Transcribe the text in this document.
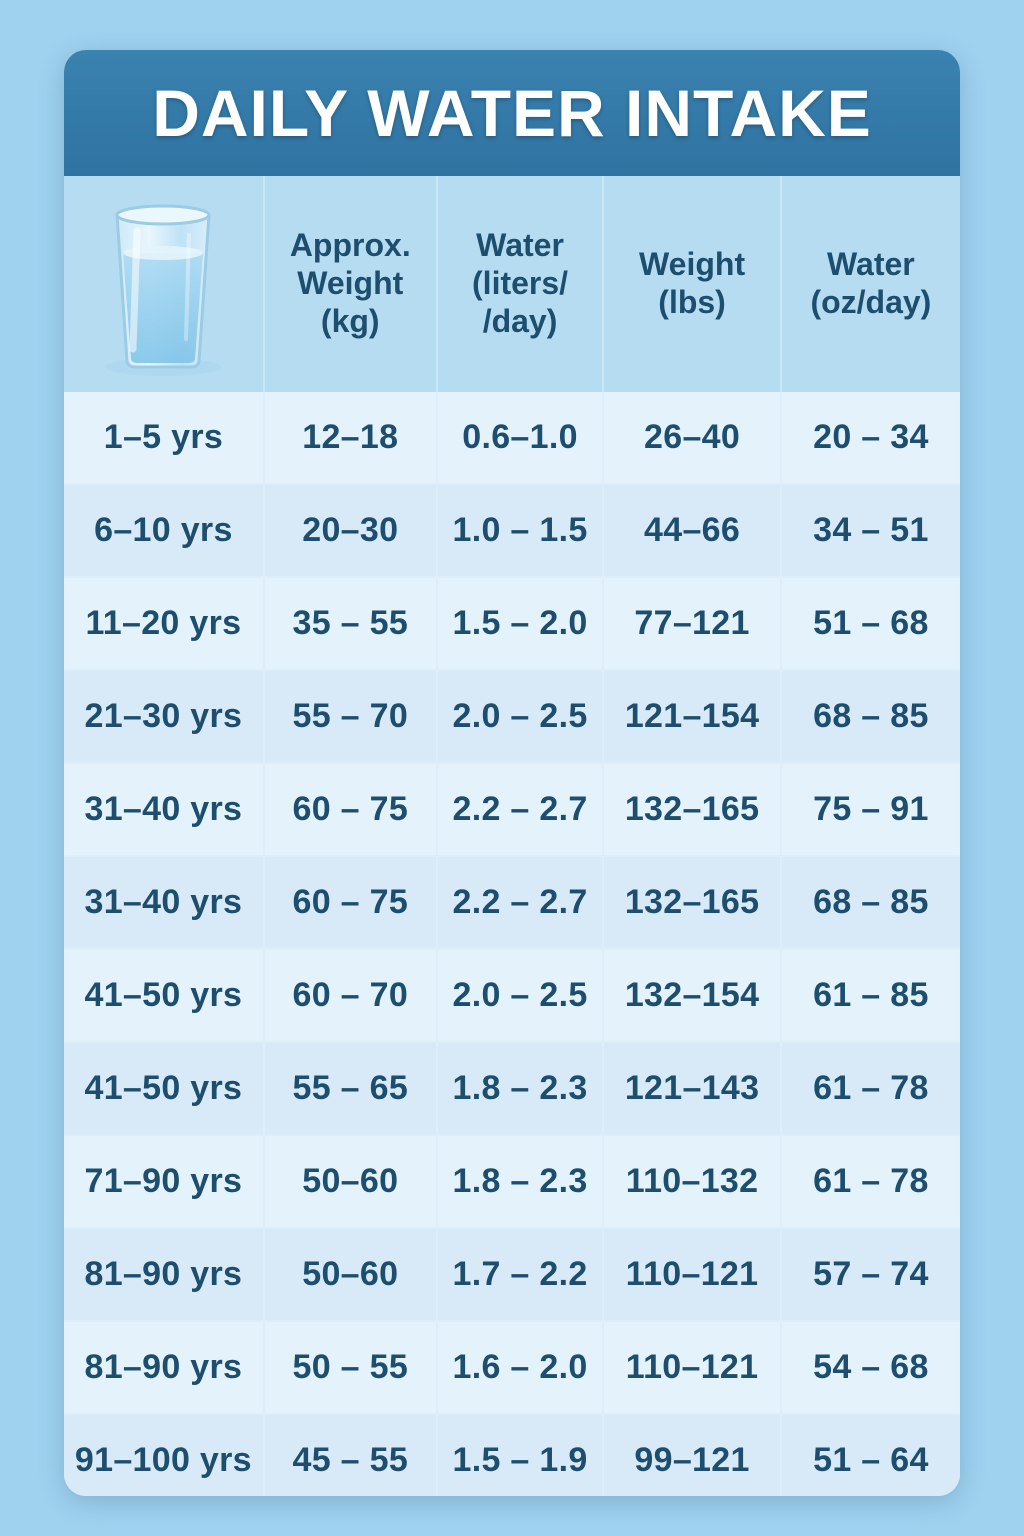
DAILY WATER INTAKE

Approx.
Weight
(kg)

Water
(liters/
/day)

Weight
(lbs)

Water
(oz/day)

1–5 yrs	12–18	0.6–1.0	26–40	20 – 34
6–10 yrs	20–30	1.0 – 1.5	44–66	34 – 51
11–20 yrs	35 – 55	1.5 – 2.0	77–121	51 – 68
21–30 yrs	55 – 70	2.0 – 2.5	121–154	68 – 85
31–40 yrs	60 – 75	2.2 – 2.7	132–165	75 – 91
31–40 yrs	60 – 75	2.2 – 2.7	132–165	68 – 85
41–50 yrs	60 – 70	2.0 – 2.5	132–154	61 – 85
41–50 yrs	55 – 65	1.8 – 2.3	121–143	61 – 78
71–90 yrs	50–60	1.8 – 2.3	110–132	61 – 78
81–90 yrs	50–60	1.7 – 2.2	110–121	57 – 74
81–90 yrs	50 – 55	1.6 – 2.0	110–121	54 – 68
91–100 yrs	45 – 55	1.5 – 1.9	99–121	51 – 64
